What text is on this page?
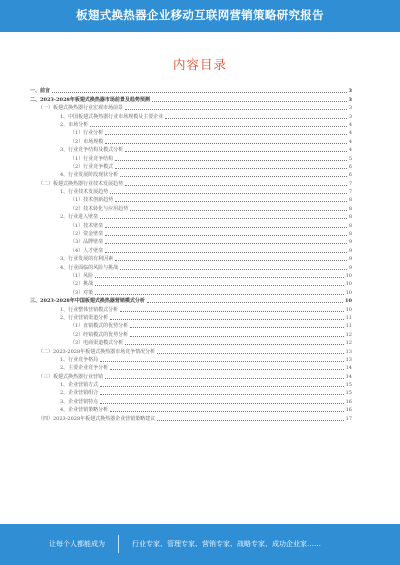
板翅式换热器企业移动互联网营销策略研究报告
内容目录
一、前言	3
二、2023-2028年板翅式换热器市场前景及趋势预测	3
（一）板翅式换热器行业宏观市场前景	3
1、中国板翅式换热器行业市场规模及主要企业	3
2、市场分析	4
（1）行业分析	4
（2）市场规模	4
3、行业竞争结构及模式分析	4
（1）行业竞争结构	5
（2）行业竞争模式	6
4、行业发展阶段现状分析	6
（二）板翅式换热器行业技术发展趋势	7
1、行业技术发展趋势	7
（1）技术创新趋势	8
（2）技术转化与应用趋势	8
2、行业进入壁垒	8
（1）技术壁垒	8
（2）资金壁垒	8
（3）品牌壁垒	9
（4）人才壁垒	9
3、行业发展的有利因素	9
4、行业面临的风险与挑战	9
（1）风险	10
（2）挑战	10
（3）对策	10
三、2023-2028年中国板翅式换热器营销模式分析	10
1、行业整体营销模式分析	10
2、行业营销渠道分析	11
（1）直销模式的优势分析	11
（2）经销模式的优势分析	12
（3）电商渠道模式分析	12
（二）2023-2028年板翅式换热器市场竞争情况分析	13
1、行业竞争格局	13
2、主要企业竞争分析	14
（三）板翅式换热器行业营销	14
1、企业营销方式	15
2、企业营销组合	15
3、企业营销特点	16
4、企业营销策略分析	16
（四）2023-2028年板翅式换热器企业营销策略建议	17
让每个人都能成为	行业专家、管理专家、营销专家、战略专家、成功企业家……
